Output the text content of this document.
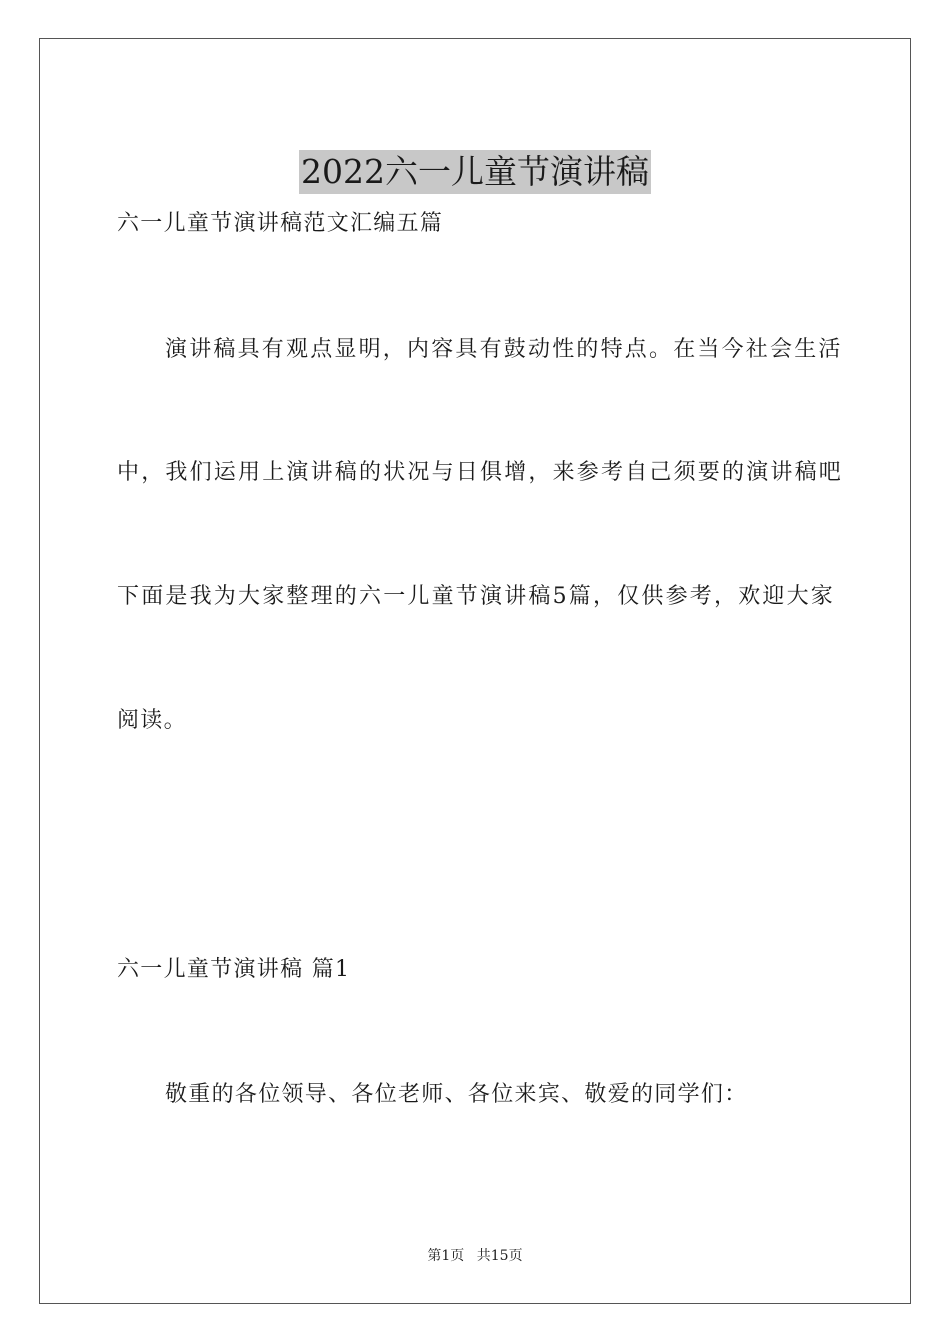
2022六一儿童节演讲稿
六一儿童节演讲稿范文汇编五篇
演讲稿具有观点显明，内容具有鼓动性的特点。在当今社会生活
中，我们运用上演讲稿的状况与日俱增，来参考自己须要的演讲稿吧
下面是我为大家整理的六一儿童节演讲稿5篇，仅供参考，欢迎大家
阅读。
六一儿童节演讲稿 篇1
敬重的各位领导、各位老师、各位来宾、敬爱的同学们：
第1页 共15页
